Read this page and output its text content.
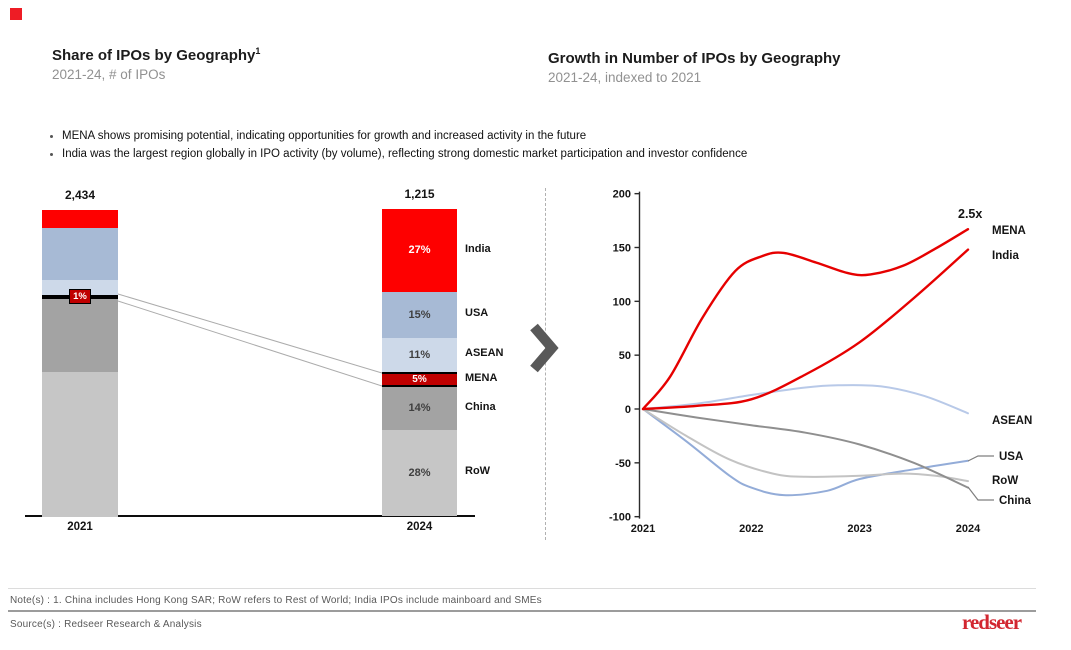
Share of IPOs by Geography$^1$
2021-24, # of IPOs
Growth in Number of IPOs by Geography
2021-24, indexed to 2021
• MENA shows promising potential, indicating opportunities for growth and increased activity in the future
• India was the largest region globally in IPO activity (by volume), reflecting strong domestic market participation and investor confidence
1%
2,434
2021
India
USA
ASEAN
MENA
China
RoW
27%
15%
11%
5%
14%
28%
1,215
2024
200
150
100
50
0
-50
-100
2021	2022	2023	2024
MENA
India
ASEAN
USA
RoW
China
2.5x
Note(s) : 1. China includes Hong Kong SAR; RoW refers to Rest of World; India IPOs include mainboard and SMEs
Source(s) : Redseer Research & Analysis	redseer
